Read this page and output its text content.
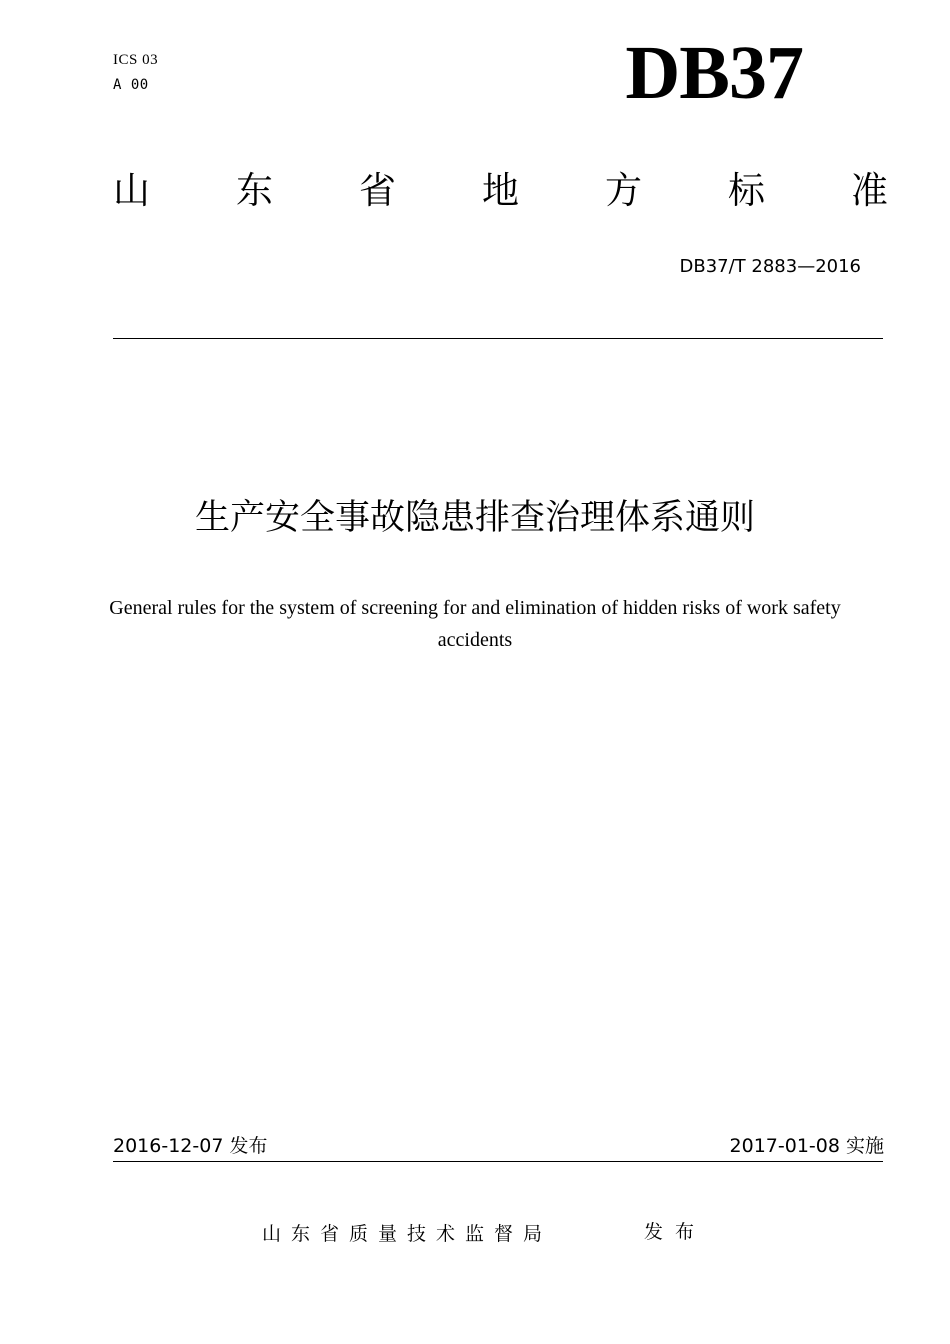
ICS 03
A 00	DB37
山 东 省 地 方 标 准
DB37/T 2883—2016
生产安全事故隐患排查治理体系通则
General rules for the system of screening for and elimination of hidden risks of work safety accidents
2016-12-07 发布	2017-01-08 实施
山东省质量技术监督局	发布
